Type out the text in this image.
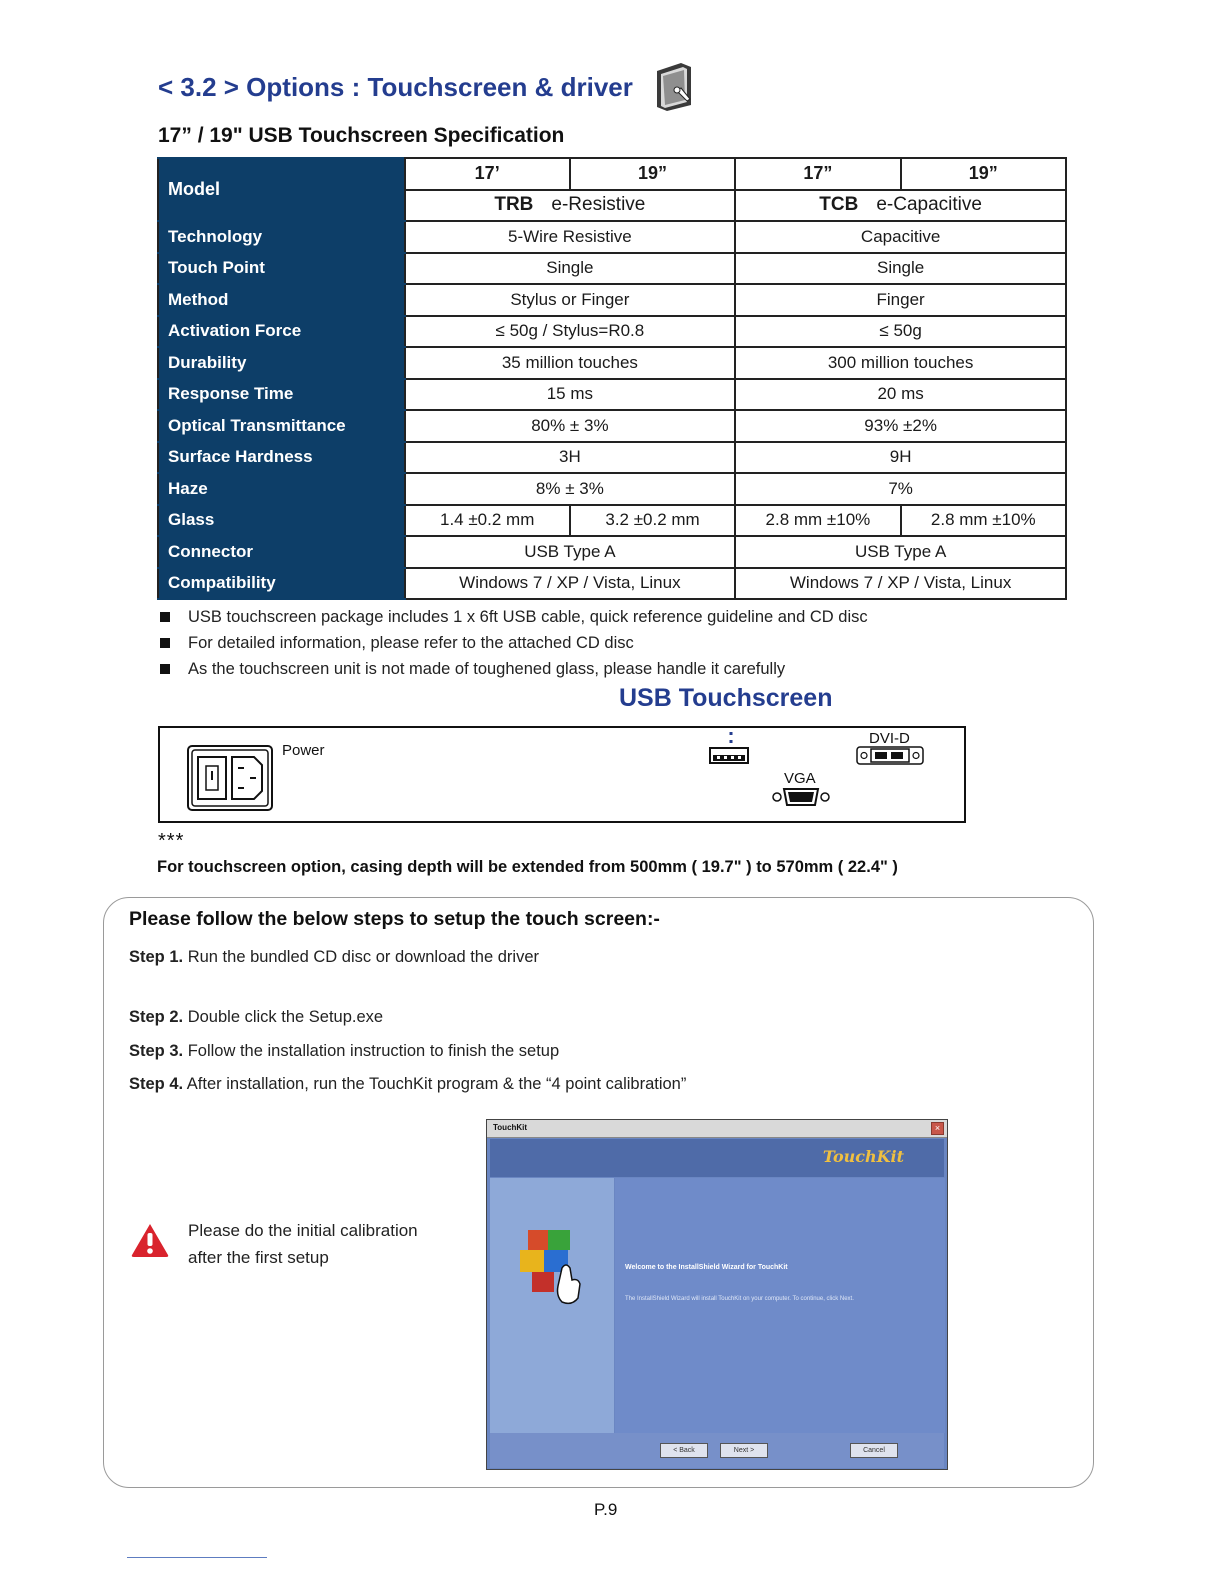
< 3.2 > Options : Touchscreen & driver
17” / 19" USB Touchscreen Specification
Model	17’	19”	17”	19”
	TRB e-Resistive		TCB e-Capacitive	
Technology	5-Wire Resistive		Capacitive	
Touch Point	Single		Single	
Method	Stylus or Finger		Finger	
Activation Force	≤ 50g / Stylus=R0.8		≤ 50g	
Durability	35 million touches		300 million touches	
Response Time	15 ms		20 ms	
Optical Transmittance	80% ± 3%		93% ±2%	
Surface Hardness	3H		9H	
Haze	8% ± 3%		7%	
Glass	1.4 ±0.2 mm	3.2 ±0.2 mm	2.8 mm ±10%	2.8 mm ±10%
Connector	USB Type A		USB Type A	
Compatibility	Windows 7 / XP / Vista, Linux		Windows 7 / XP / Vista, Linux	
USB touchscreen package includes 1 x 6ft USB cable, quick reference guideline and CD disc
For detailed information, please refer to the attached CD disc
As the touchscreen unit is not made of toughened glass, please handle it carefully
USB Touchscreen
Power
DVI-D
VGA
***
For touchscreen option, casing depth will be extended from 500mm ( 19.7" ) to 570mm ( 22.4" )
Please follow the below steps to setup the touch screen:-
Step 1. Run the bundled CD disc or download the driver
Step 2. Double click the Setup.exe
Step 3. Follow the installation instruction to finish the setup
Step 4. After installation, run the TouchKit program & the “4 point calibration”
Please do the initial calibration
after the first setup
TouchKit	×
TouchKit
Welcome to the InstallShield Wizard for TouchKit
The InstallShield Wizard will install TouchKit on your computer. To continue, click Next.
< Back	Next >	Cancel
P.9
